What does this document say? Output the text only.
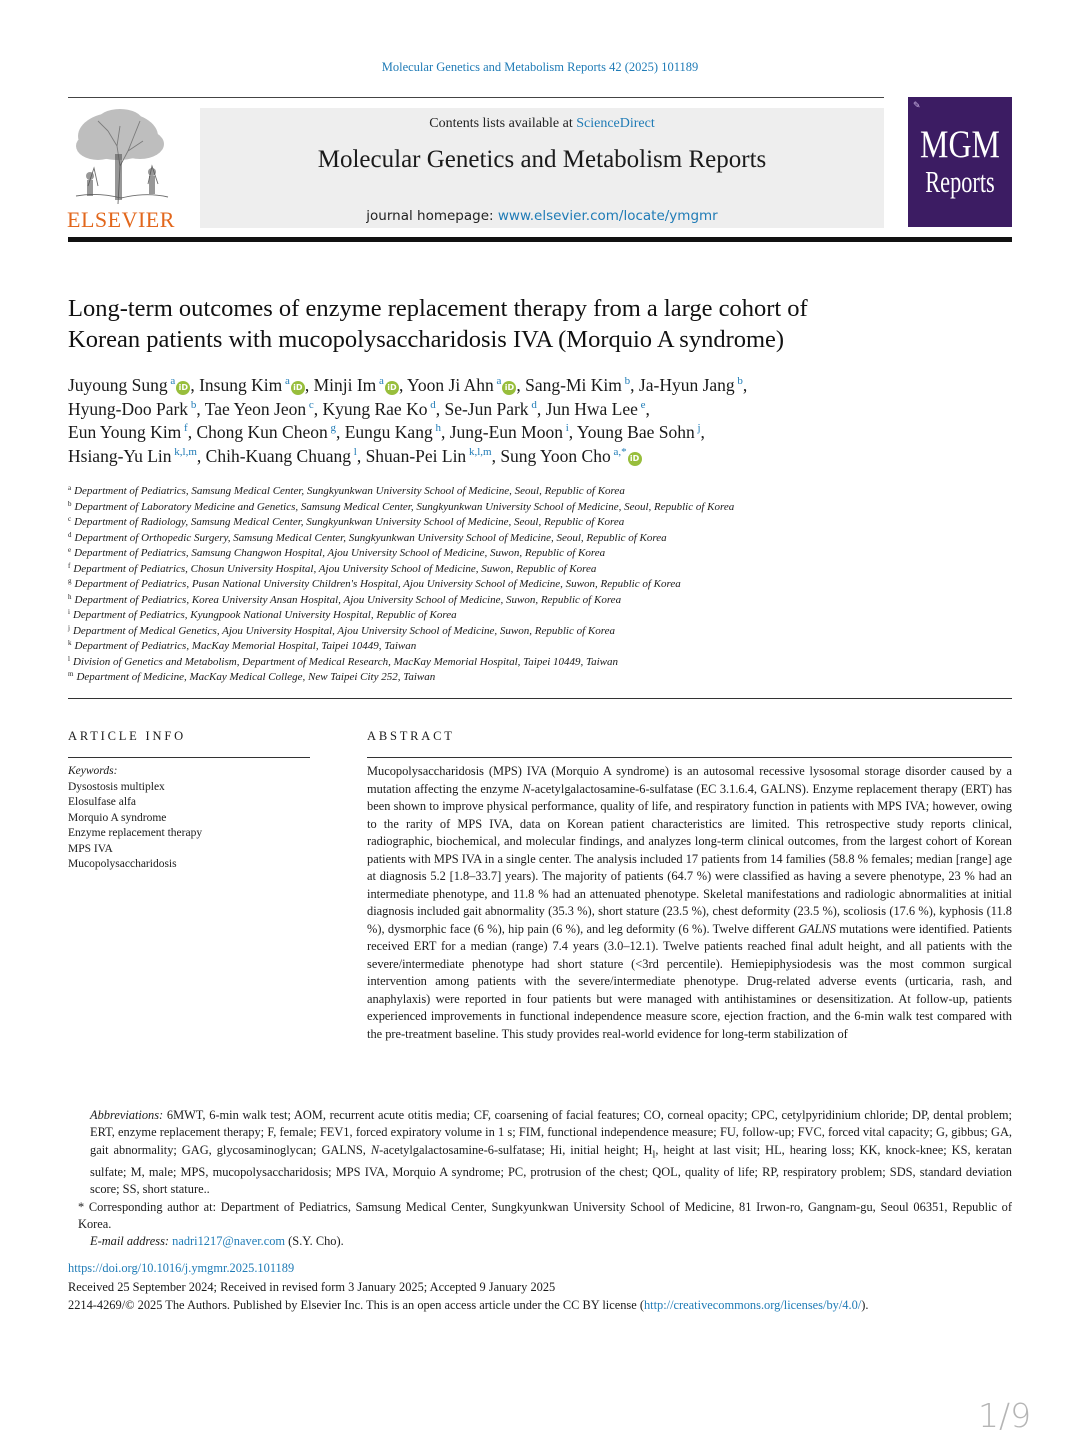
Molecular Genetics and Metabolism Reports 42 (2025) 101189
ELSEVIER
Contents lists available at ScienceDirect
Molecular Genetics and Metabolism Reports
journal homepage: www.elsevier.com/locate/ymgmr
✎
MGM
Reports
Long-term outcomes of enzyme replacement therapy from a large cohort of
Korean patients with mucopolysaccharidosis IVA (Morquio A syndrome)
Juyoung Sung $^a$iD , Insung Kim $^a$iD , Minji Im $^a$iD , Yoon Ji Ahn $^a$iD , Sang-Mi Kim $^b$, Ja-Hyun Jang $^b$,
Hyung-Doo Park $^b$, Tae Yeon Jeon $^c$, Kyung Rae Ko $^d$, Se-Jun Park $^d$, Jun Hwa Lee $^e$,
Eun Young Kim $^f$, Chong Kun Cheon $^g$, Eungu Kang $^h$, Jung-Eun Moon $^i$, Young Bae Sohn $^j$,
Hsiang-Yu Lin $^{k,l,m}$, Chih-Kuang Chuang $^l$, Shuan-Pei Lin $^{k,l,m}$, Sung Yoon Cho $^{a,*}$iD
$^a$ Department of Pediatrics, Samsung Medical Center, Sungkyunkwan University School of Medicine, Seoul, Republic of Korea
$^b$ Department of Laboratory Medicine and Genetics, Samsung Medical Center, Sungkyunkwan University School of Medicine, Seoul, Republic of Korea
$^c$ Department of Radiology, Samsung Medical Center, Sungkyunkwan University School of Medicine, Seoul, Republic of Korea
$^d$ Department of Orthopedic Surgery, Samsung Medical Center, Sungkyunkwan University School of Medicine, Seoul, Republic of Korea
$^e$ Department of Pediatrics, Samsung Changwon Hospital, Ajou University School of Medicine, Suwon, Republic of Korea
$^f$ Department of Pediatrics, Chosun University Hospital, Ajou University School of Medicine, Suwon, Republic of Korea
$^g$ Department of Pediatrics, Pusan National University Children's Hospital, Ajou University School of Medicine, Suwon, Republic of Korea
$^h$ Department of Pediatrics, Korea University Ansan Hospital, Ajou University School of Medicine, Suwon, Republic of Korea
$^i$ Department of Pediatrics, Kyungpook National University Hospital, Republic of Korea
$^j$ Department of Medical Genetics, Ajou University Hospital, Ajou University School of Medicine, Suwon, Republic of Korea
$^k$ Department of Pediatrics, MacKay Memorial Hospital, Taipei 10449, Taiwan
$^l$ Division of Genetics and Metabolism, Department of Medical Research, MacKay Memorial Hospital, Taipei 10449, Taiwan
$^m$ Department of Medicine, MacKay Medical College, New Taipei City 252, Taiwan
ARTICLE INFO
Keywords:
Dysostosis multiplex
Elosulfase alfa
Morquio A syndrome
Enzyme replacement therapy
MPS IVA
Mucopolysaccharidosis
ABSTRACT
Mucopolysaccharidosis (MPS) IVA (Morquio A syndrome) is an autosomal recessive lysosomal storage disorder caused by a mutation affecting the enzyme N-acetylgalactosamine-6-sulfatase (EC 3.1.6.4, GALNS). Enzyme replacement therapy (ERT) has been shown to improve physical performance, quality of life, and respiratory function in patients with MPS IVA; however, owing to the rarity of MPS IVA, data on Korean patient characteristics are limited. This retrospective study reports clinical, radiographic, biochemical, and molecular findings, and analyzes long-term clinical outcomes, from the largest cohort of Korean patients with MPS IVA in a single center. The analysis included 17 patients from 14 families (58.8 % females; median [range] age at diagnosis 5.2 [1.8–33.7] years). The majority of patients (64.7 %) were classified as having a severe phenotype, 23 % had an intermediate phenotype, and 11.8 % had an attenuated phenotype. Skeletal manifestations and radiologic abnormalities at initial diagnosis included gait abnormality (35.3 %), short stature (23.5 %), chest deformity (23.5 %), scoliosis (17.6 %), kyphosis (11.8 %), dysmorphic face (6 %), hip pain (6 %), and leg deformity (6 %). Twelve different GALNS mutations were identified. Patients received ERT for a median (range) 7.4 years (3.0–12.1). Twelve patients reached final adult height, and all patients with the severe/intermediate phenotype had short stature (<3rd percentile). Hemiepiphysiodesis was the most common surgical intervention among patients with the severe/intermediate phenotype. Drug-related adverse events (urticaria, rash, and anaphylaxis) were reported in four patients but were managed with antihistamines or desensitization. At follow-up, patients experienced improvements in functional independence measure score, ejection fraction, and the 6-min walk test compared with the pre-treatment baseline. This study provides real-world evidence for long-term stabilization of
Abbreviations: 6MWT, 6-min walk test; AOM, recurrent acute otitis media; CF, coarsening of facial features; CO, corneal opacity; CPC, cetylpyridinium chloride; DP, dental problem; ERT, enzyme replacement therapy; F, female; FEV1, forced expiratory volume in 1 s; FIM, functional independence measure; FU, follow-up; FVC, forced vital capacity; G, gibbus; GA, gait abnormality; GAG, glycosaminoglycan; GALNS, N-acetylgalactosamine-6-sulfatase; Hi, initial height; $H_l$, height at last visit; HL, hearing loss; KK, knock-knee; KS, keratan sulfate; M, male; MPS, mucopolysaccharidosis; MPS IVA, Morquio A syndrome; PC, protrusion of the chest; QOL, quality of life; RP, respiratory problem; SDS, standard deviation score; SS, short stature..
* Corresponding author at: Department of Pediatrics, Samsung Medical Center, Sungkyunkwan University School of Medicine, 81 Irwon-ro, Gangnam-gu, Seoul 06351, Republic of Korea.
E-mail address: nadri1217@naver.com (S.Y. Cho).
https://doi.org/10.1016/j.ymgmr.2025.101189
Received 25 September 2024; Received in revised form 3 January 2025; Accepted 9 January 2025
2214-4269/© 2025 The Authors. Published by Elsevier Inc. This is an open access article under the CC BY license (http://creativecommons.org/licenses/by/4.0/).
1/9
